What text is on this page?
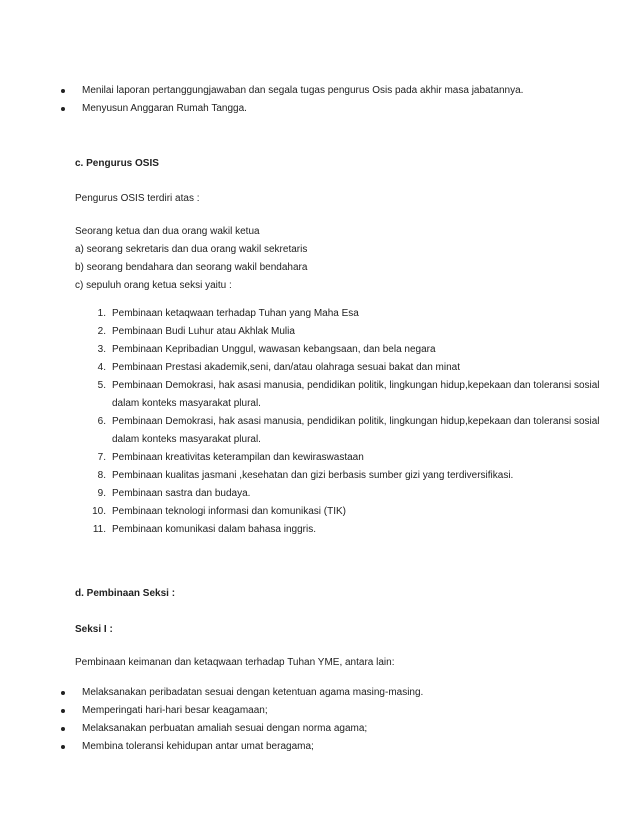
Menilai laporan pertanggungjawaban dan segala tugas pengurus Osis pada akhir masa jabatannya.
Menyusun Anggaran Rumah Tangga.
c. Pengurus OSIS
Pengurus OSIS terdiri atas :
Seorang ketua dan dua orang wakil ketua
a) seorang sekretaris dan dua orang wakil sekretaris
b) seorang bendahara dan seorang wakil bendahara
c) sepuluh orang ketua seksi yaitu :
1. Pembinaan ketaqwaan terhadap Tuhan yang Maha Esa
2. Pembinaan Budi Luhur atau Akhlak Mulia
3. Pembinaan Kepribadian Unggul, wawasan kebangsaan, dan bela negara
4. Pembinaan Prestasi akademik,seni, dan/atau olahraga sesuai bakat dan minat
5. Pembinaan Demokrasi, hak asasi manusia, pendidikan politik, lingkungan hidup,kepekaan dan toleransi sosial
dalam konteks masyarakat plural.
6. Pembinaan Demokrasi, hak asasi manusia, pendidikan politik, lingkungan hidup,kepekaan dan toleransi sosial
dalam konteks masyarakat plural.
7. Pembinaan kreativitas keterampilan dan kewiraswastaan
8. Pembinaan kualitas jasmani ,kesehatan dan gizi berbasis sumber gizi yang terdiversifikasi.
9. Pembinaan sastra dan budaya.
10. Pembinaan teknologi informasi dan komunikasi (TIK)
11. Pembinaan komunikasi dalam bahasa inggris.
d. Pembinaan Seksi :
Seksi I :
Pembinaan keimanan dan ketaqwaan terhadap Tuhan YME, antara lain:
Melaksanakan peribadatan sesuai dengan ketentuan agama masing-masing.
Memperingati hari-hari besar keagamaan;
Melaksanakan perbuatan amaliah sesuai dengan norma agama;
Membina toleransi kehidupan antar umat beragama;
